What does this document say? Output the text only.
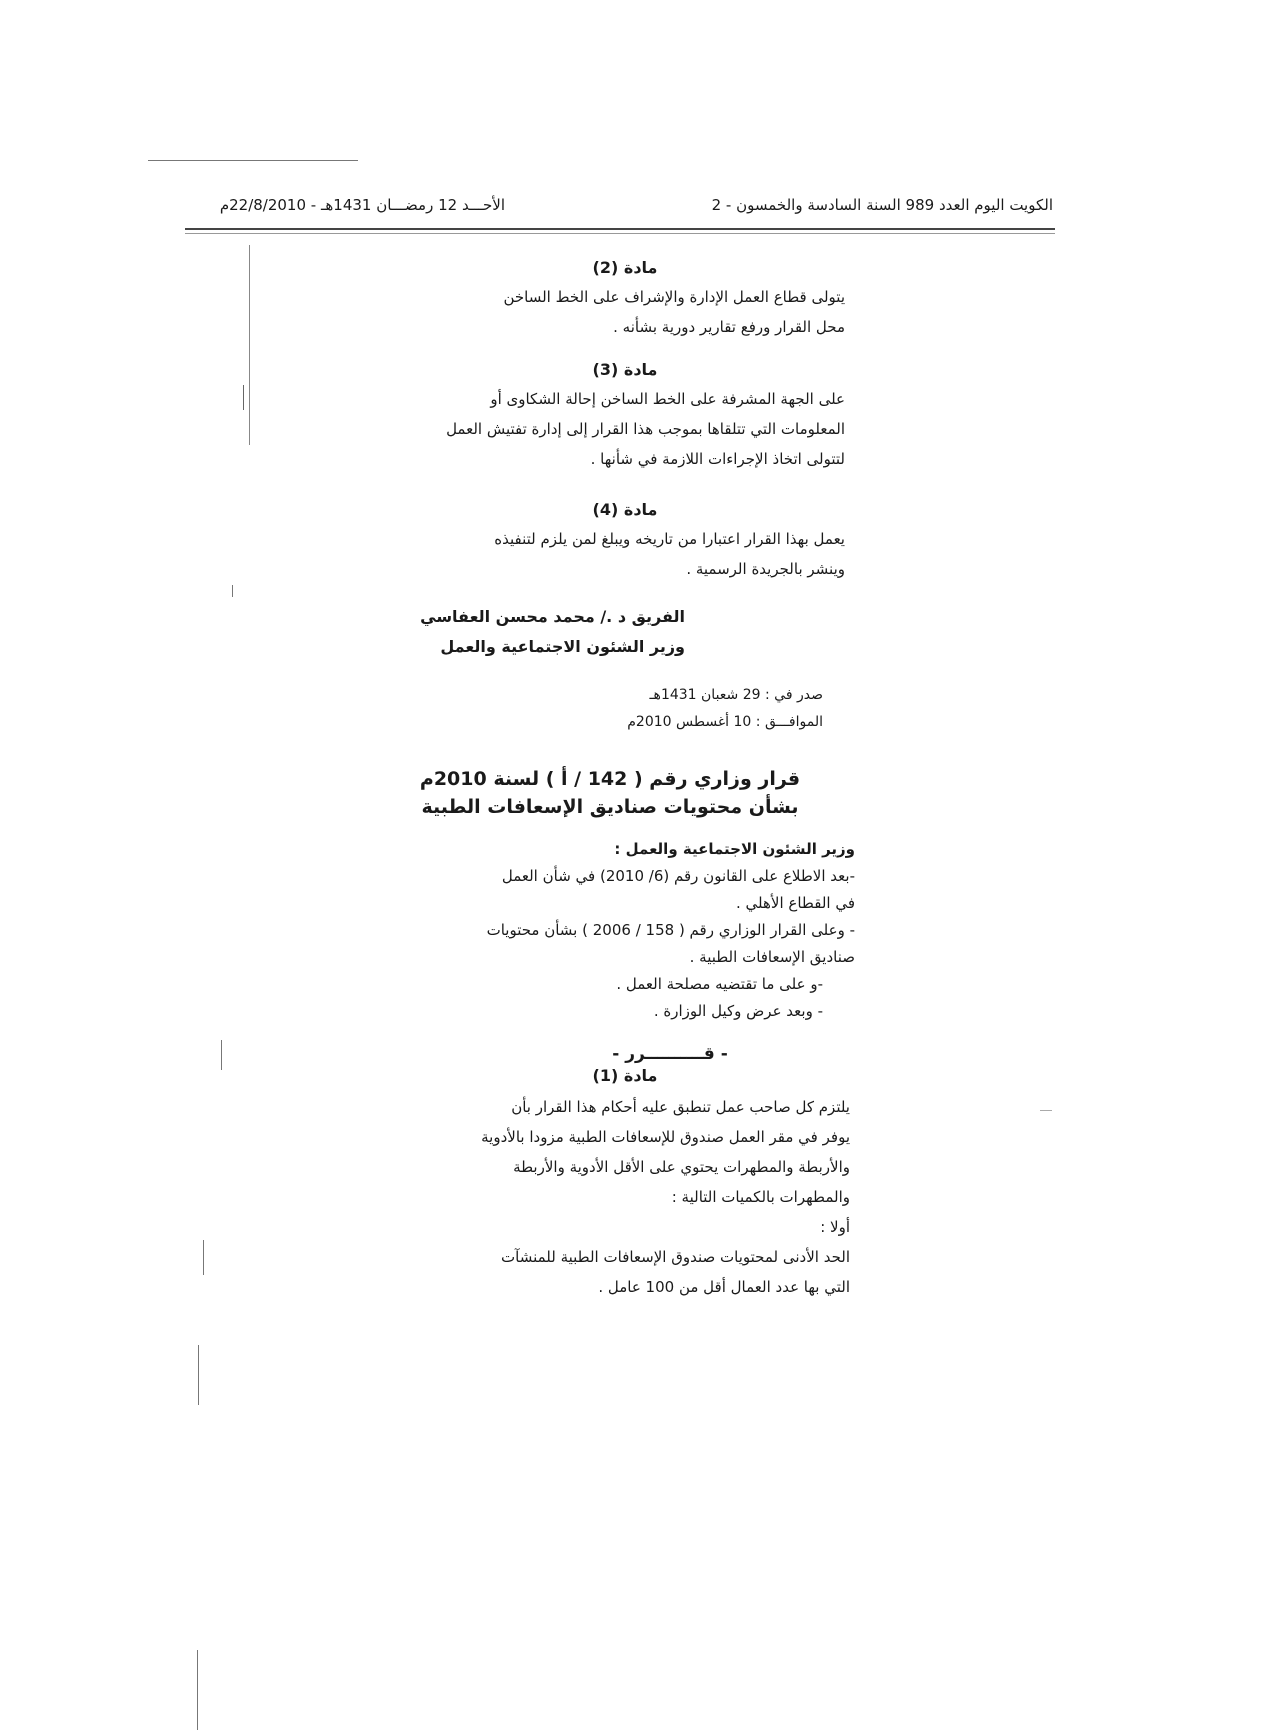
الكويت اليوم العدد 989 السنة السادسة والخمسون - 2
الأحـــد 12 رمضـــان 1431هـ - 22/8/2010م
مادة (2)

يتولى قطاع العمل الإدارة والإشراف على الخط الساخن

محل القرار ورفع تقارير دورية بشأنه .

مادة (3)

على الجهة المشرفة على الخط الساخن إحالة الشكاوى أو

المعلومات التي تتلقاها بموجب هذا القرار إلى إدارة تفتيش العمل

لتتولى اتخاذ الإجراءات اللازمة في شأنها .

مادة (4)

يعمل بهذا القرار اعتبارا من تاريخه ويبلغ لمن يلزم لتنفيذه

وينشر بالجريدة الرسمية .

الفريق د ./ محمد محسن العفاسي
وزير الشئون الاجتماعية والعمل
صدر في : 29 شعبان 1431هـ
الموافـــق : 10 أغسطس 2010م
قرار وزاري رقم ( 142 / أ ) لسنة 2010م
بشأن محتويات صناديق الإسعافات الطبية
وزير الشئون الاجتماعية والعمل :

-بعد الاطلاع على القانون رقم (6/ 2010) في شأن العمل

في القطاع الأهلي .

- وعلى القرار الوزاري رقم ( 158 / 2006 ) بشأن محتويات

صناديق الإسعافات الطبية .

-و على ما تقتضيه مصلحة العمل .

- وبعد عرض وكيل الوزارة .

- قــــــــــرر -
مادة (1)

يلتزم كل صاحب عمل تنطبق عليه أحكام هذا القرار بأن

يوفر في مقر العمل صندوق للإسعافات الطبية مزودا بالأدوية

والأربطة والمطهرات يحتوي على الأقل الأدوية والأربطة

والمطهرات بالكميات التالية :

أولا :

الحد الأدنى لمحتويات صندوق الإسعافات الطبية للمنشآت

التي بها عدد العمال أقل من 100 عامل .
